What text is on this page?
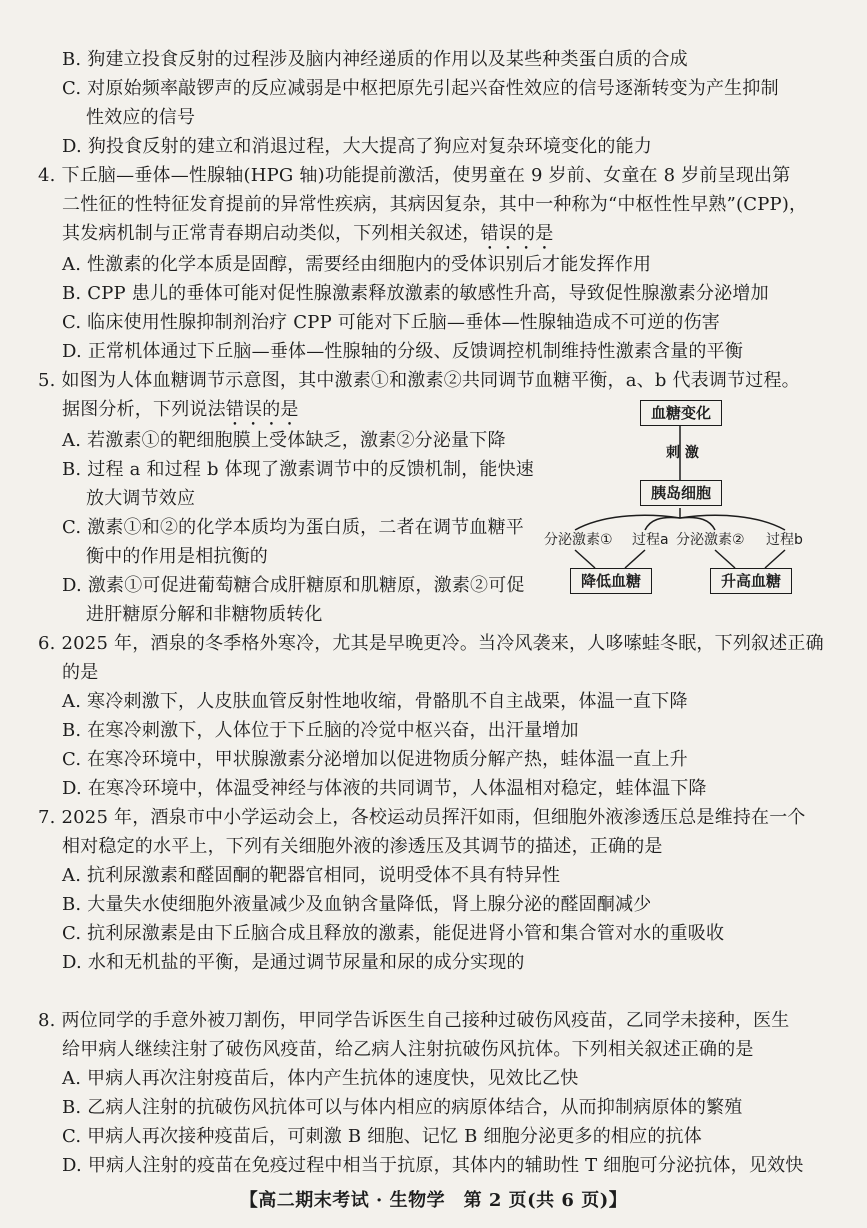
B. 狗建立投食反射的过程涉及脑内神经递质的作用以及某些种类蛋白质的合成
C. 对原始频率敲锣声的反应减弱是中枢把原先引起兴奋性效应的信号逐渐转变为产生抑制
性效应的信号
D. 狗投食反射的建立和消退过程，大大提高了狗应对复杂环境变化的能力
4. 下丘脑—垂体—性腺轴(HPG 轴)功能提前激活，使男童在 9 岁前、女童在 8 岁前呈现出第
二性征的性特征发育提前的异常性疾病，其病因复杂，其中一种称为“中枢性性早熟”(CPP)，
其发病机制与正常青春期启动类似，下列相关叙述，错误的是
A. 性激素的化学本质是固醇，需要经由细胞内的受体识别后才能发挥作用
B. CPP 患儿的垂体可能对促性腺激素释放激素的敏感性升高，导致促性腺激素分泌增加
C. 临床使用性腺抑制剂治疗 CPP 可能对下丘脑—垂体—性腺轴造成不可逆的伤害
D. 正常机体通过下丘脑—垂体—性腺轴的分级、反馈调控机制维持性激素含量的平衡
5. 如图为人体血糖调节示意图，其中激素①和激素②共同调节血糖平衡，a、b 代表调节过程。
据图分析，下列说法错误的是
A. 若激素①的靶细胞膜上受体缺乏，激素②分泌量下降
B. 过程 a 和过程 b 体现了激素调节中的反馈机制，能快速
放大调节效应
C. 激素①和②的化学本质均为蛋白质，二者在调节血糖平
衡中的作用是相抗衡的
D. 激素①可促进葡萄糖合成肝糖原和肌糖原，激素②可促
进肝糖原分解和非糖物质转化
6. 2025 年，酒泉的冬季格外寒冷，尤其是早晚更冷。当冷风袭来，人哆嗦蛙冬眠，下列叙述正确
的是
A. 寒冷刺激下，人皮肤血管反射性地收缩，骨骼肌不自主战栗，体温一直下降
B. 在寒冷刺激下，人体位于下丘脑的冷觉中枢兴奋，出汗量增加
C. 在寒冷环境中，甲状腺激素分泌增加以促进物质分解产热，蛙体温一直上升
D. 在寒冷环境中，体温受神经与体液的共同调节，人体温相对稳定，蛙体温下降
7. 2025 年，酒泉市中小学运动会上，各校运动员挥汗如雨，但细胞外液渗透压总是维持在一个
相对稳定的水平上，下列有关细胞外液的渗透压及其调节的描述，正确的是
A. 抗利尿激素和醛固酮的靶器官相同，说明受体不具有特异性
B. 大量失水使细胞外液量减少及血钠含量降低，肾上腺分泌的醛固酮减少
C. 抗利尿激素是由下丘脑合成且释放的激素，能促进肾小管和集合管对水的重吸收
D. 水和无机盐的平衡，是通过调节尿量和尿的成分实现的
8. 两位同学的手意外被刀割伤，甲同学告诉医生自己接种过破伤风疫苗，乙同学未接种，医生
给甲病人继续注射了破伤风疫苗，给乙病人注射抗破伤风抗体。下列相关叙述正确的是
A. 甲病人再次注射疫苗后，体内产生抗体的速度快，见效比乙快
B. 乙病人注射的抗破伤风抗体可以与体内相应的病原体结合，从而抑制病原体的繁殖
C. 甲病人再次接种疫苗后，可刺激 B 细胞、记忆 B 细胞分泌更多的相应的抗体
血糖变化
刺 激
胰岛细胞
分泌激素① 过程a 分泌激素② 过程b
降低血糖	升高血糖
【高二期末考试 · 生物学　第 2 页(共 6 页)】
D. 甲病人注射的疫苗在免疫过程中相当于抗原，其体内的辅助性 T 细胞可分泌抗体，见效快
